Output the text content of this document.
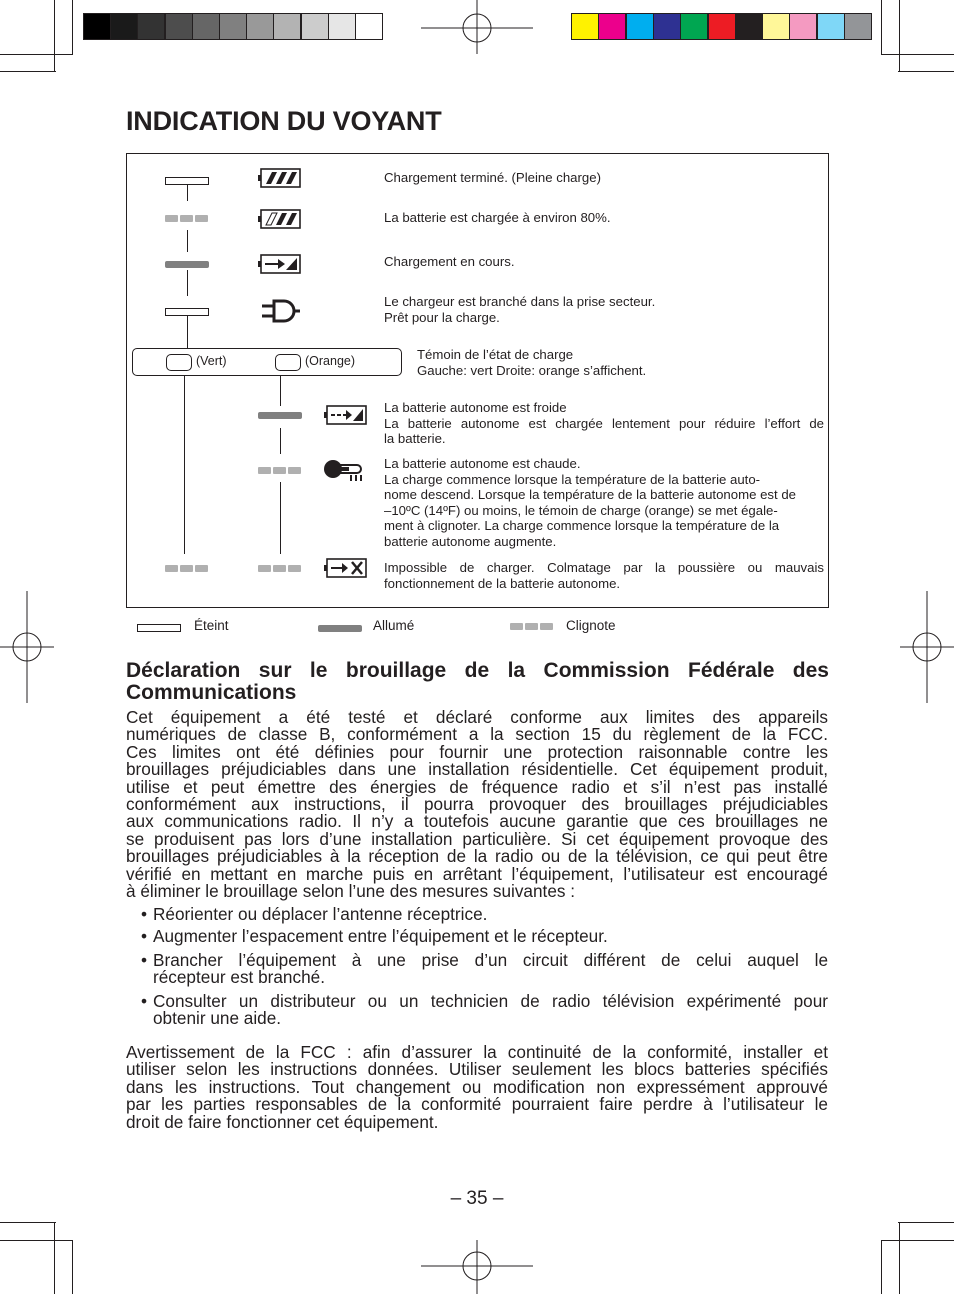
INDICATION DU VOYANT
Chargement terminé. (Pleine charge)
La batterie est chargée à environ 80%.
Chargement en cours.
Le chargeur est branché dans la prise secteur.
Prêt pour la charge.
(Vert)	(Orange)	Témoin de l’état de charge
Gauche: vert Droite: orange s’affichent.
La batterie autonome est froide
La batterie autonome est chargée lentement pour réduire l’effort de
la batterie.
La batterie autonome est chaude.
La charge commence lorsque la température de la batterie auto-
nome descend. Lorsque la température de la batterie autonome est de
–10ºC (14ºF) ou moins, le témoin de charge (orange) se met égale-
ment à clignoter. La charge commence lorsque la température de la
batterie autonome augmente.
Impossible de charger. Colmatage par la poussière ou mauvais
fonctionnement de la batterie autonome.
Éteint	Allumé	Clignote
Déclaration sur le brouillage de la Commission Fédérale des
Communications
Cet équipement a été testé et déclaré conforme aux limites des appareils
numériques de classe B, conformément a la section 15 du règlement de la FCC.
Ces limites ont été définies pour fournir une protection raisonnable contre les
brouillages préjudiciables dans une installation résidentielle. Cet équipement produit,
utilise et peut émettre des énergies de fréquence radio et s’il n’est pas installé
conformément aux instructions, il pourra provoquer des brouillages préjudiciables
aux communications radio. Il n’y a toutefois aucune garantie que ces brouillages ne
se produisent pas lors d’une installation particulière. Si cet équipement provoque des
brouillages préjudiciables à la réception de la radio ou de la télévision, ce qui peut être
vérifié en mettant en marche puis en arrêtant l’équipement, l’utilisateur est encouragé
à éliminer le brouillage selon l’une des mesures suivantes :
• Réorienter ou déplacer l’antenne réceptrice.
• Augmenter l’espacement entre l’équipement et le récepteur.
• Brancher l’équipement à une prise d’un circuit différent de celui auquel le
récepteur est branché.
• Consulter un distributeur ou un technicien de radio télévision expérimenté pour
obtenir une aide.
Avertissement de la FCC : afin d’assurer la continuité de la conformité, installer et
utiliser selon les instructions données. Utiliser seulement les blocs batteries spécifiés
dans les instructions. Tout changement ou modification non expressément approuvé
par les parties responsables de la conformité pourraient faire perdre à l’utilisateur le
droit de faire fonctionner cet équipement.
– 35 –
